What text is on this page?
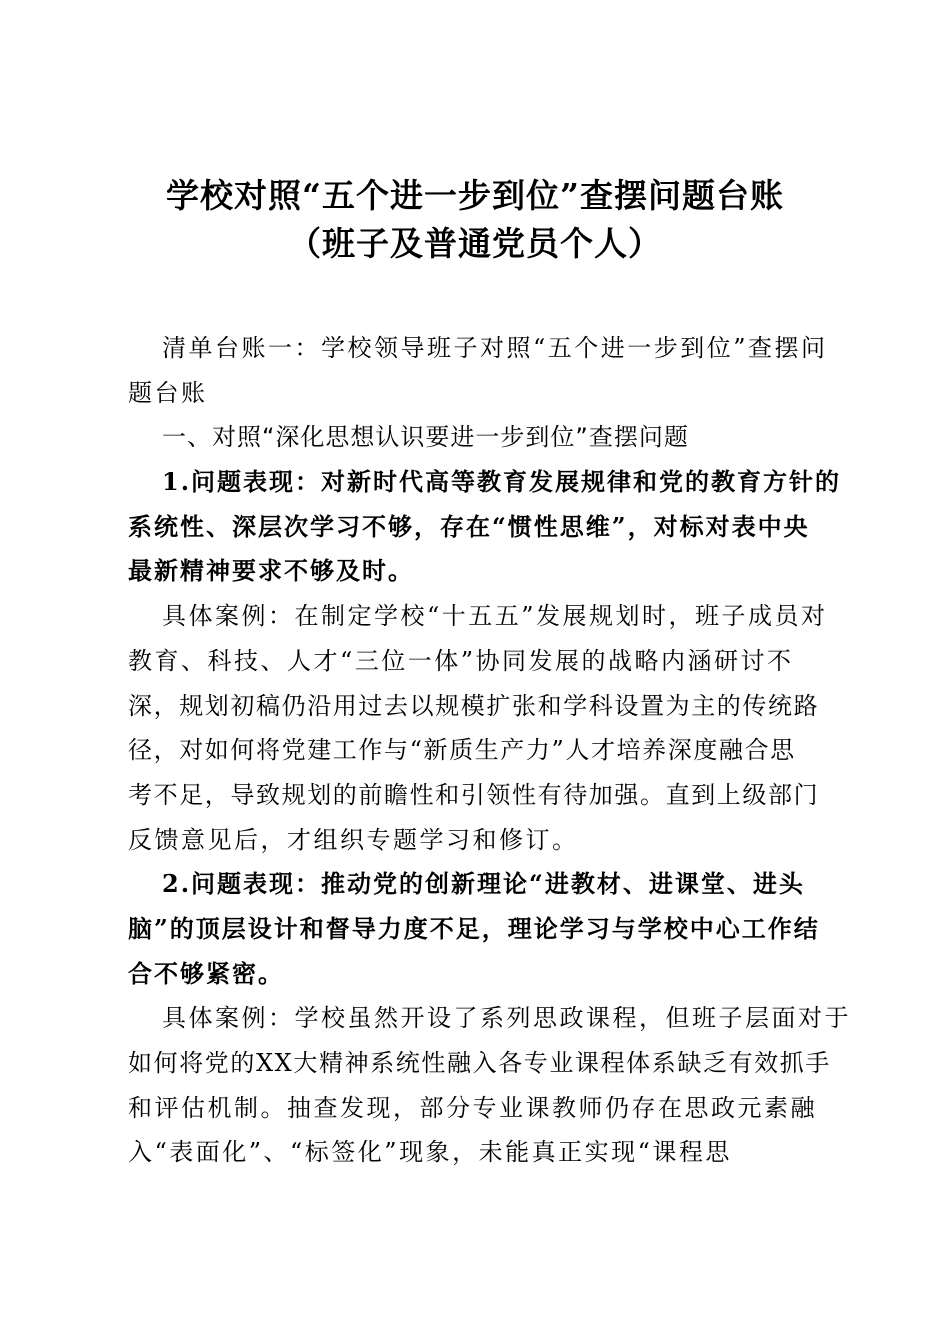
学校对照“五个进一步到位”查摆问题台账
（班子及普通党员个人）
清单台账一：学校领导班子对照“五个进一步到位”查摆问
题台账
一、对照“深化思想认识要进一步到位”查摆问题
1.问题表现：对新时代高等教育发展规律和党的教育方针的
系统性、深层次学习不够，存在“惯性思维”，对标对表中央
最新精神要求不够及时。
具体案例：在制定学校“十五五”发展规划时，班子成员对
教育、科技、人才“三位一体”协同发展的战略内涵研讨不
深，规划初稿仍沿用过去以规模扩张和学科设置为主的传统路
径，对如何将党建工作与“新质生产力”人才培养深度融合思
考不足，导致规划的前瞻性和引领性有待加强。直到上级部门
反馈意见后，才组织专题学习和修订。
2.问题表现：推动党的创新理论“进教材、进课堂、进头
脑”的顶层设计和督导力度不足，理论学习与学校中心工作结
合不够紧密。
具体案例：学校虽然开设了系列思政课程，但班子层面对于
如何将党的XX大精神系统性融入各专业课程体系缺乏有效抓手
和评估机制。抽查发现，部分专业课教师仍存在思政元素融
入“表面化”、“标签化”现象，未能真正实现“课程思
